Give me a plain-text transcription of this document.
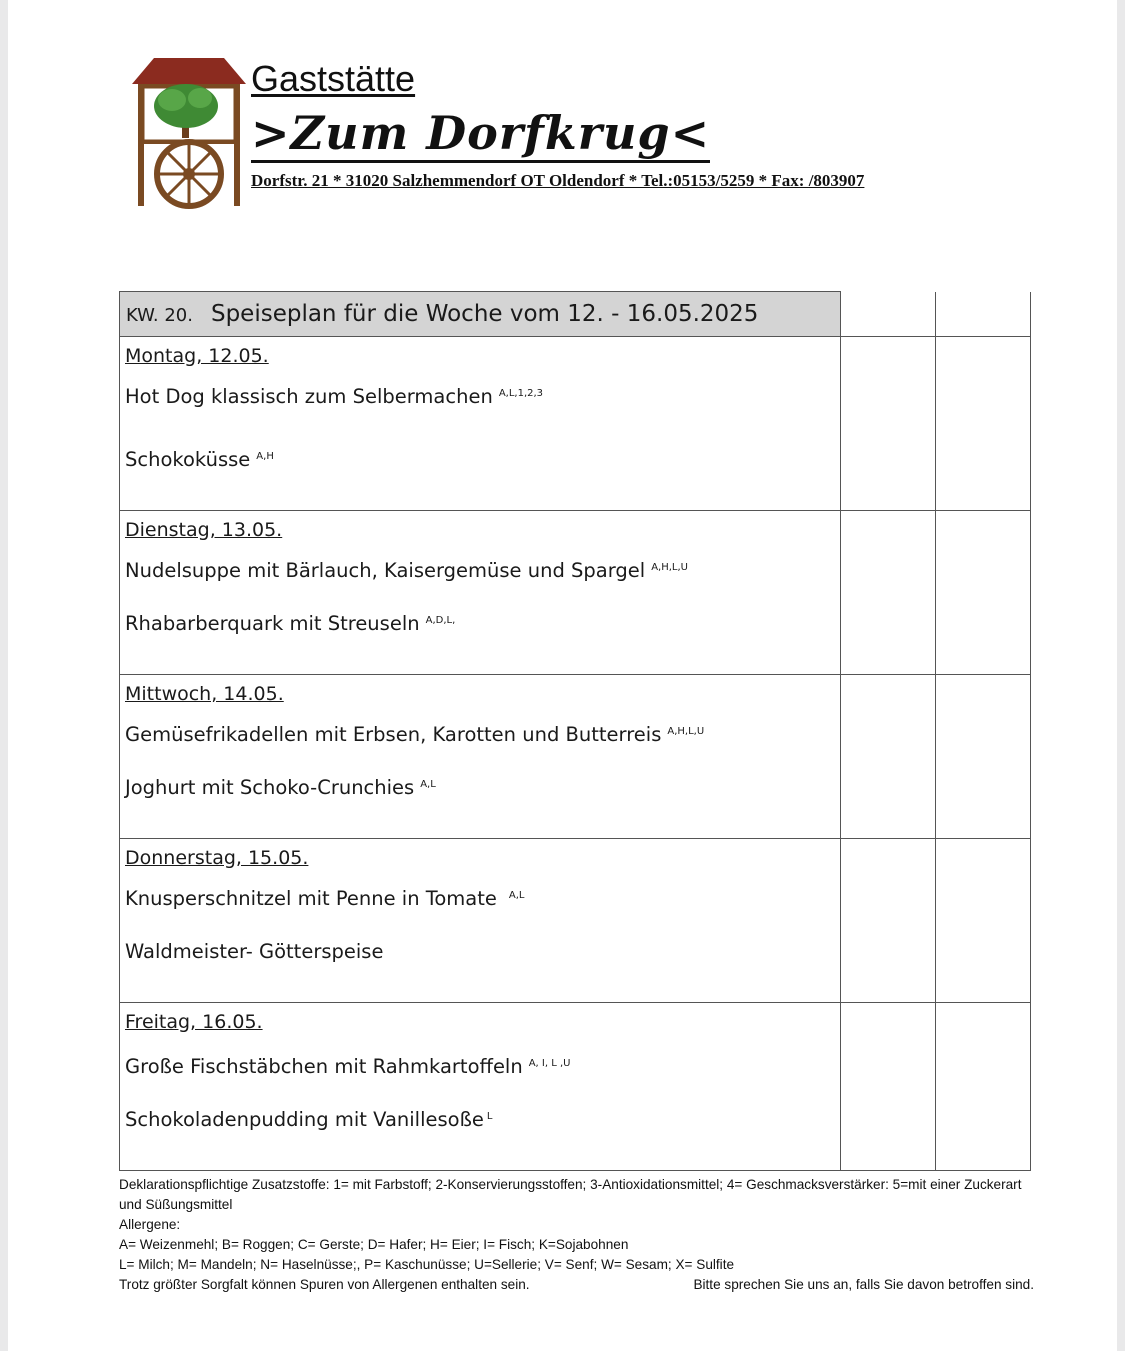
Gaststätte
>Zum Dorfkrug<
Dorfstr. 21 * 31020 Salzhemmendorf OT Oldendorf * Tel.:05153/5259 * Fax: /803907
KW. 20. Speiseplan für die Woche vom 12. - 16.05.2025		

Montag, 12.05.
Hot Dog klassisch zum Selbermachen $^{A,L,1,2,3}$
Schokoküsse $^{A,H}$

Dienstag, 13.05.
Nudelsuppe mit Bärlauch, Kaisergemüse und Spargel $^{A,H,L,U}$
Rhabarberquark mit Streuseln $^{A,D,L,}$

Mittwoch, 14.05.
Gemüsefrikadellen mit Erbsen, Karotten und Butterreis $^{A,H,L,U}$
Joghurt mit Schoko-Crunchies $^{A,L}$

Donnerstag, 15.05.
Knusperschnitzel mit Penne in Tomate $^{A,L}$
Waldmeister- Götterspeise		

Freitag, 16.05.
Große Fischstäbchen mit Rahmkartoffeln $^{A, I, L ,U}$
Schokoladenpudding mit Vanillesoße $^L$

Deklarationspflichtige Zusatzstoffe: 1= mit Farbstoff; 2-Konservierungsstoffen; 3-Antioxidationsmittel; 4= Geschmacksverstärker: 5=mit einer Zuckerart und Süßungsmittel
Allergene:
A= Weizenmehl; B= Roggen; C= Gerste; D= Hafer; H= Eier; I= Fisch; K=Sojabohnen
L= Milch; M= Mandeln; N= Haselnüsse;, P= Kaschunüsse; U=Sellerie; V= Senf; W= Sesam; X= Sulfite
Trotz größter Sorgfalt können Spuren von Allergenen enthalten sein.	Bitte sprechen Sie uns an, falls Sie davon betroffen sind.
